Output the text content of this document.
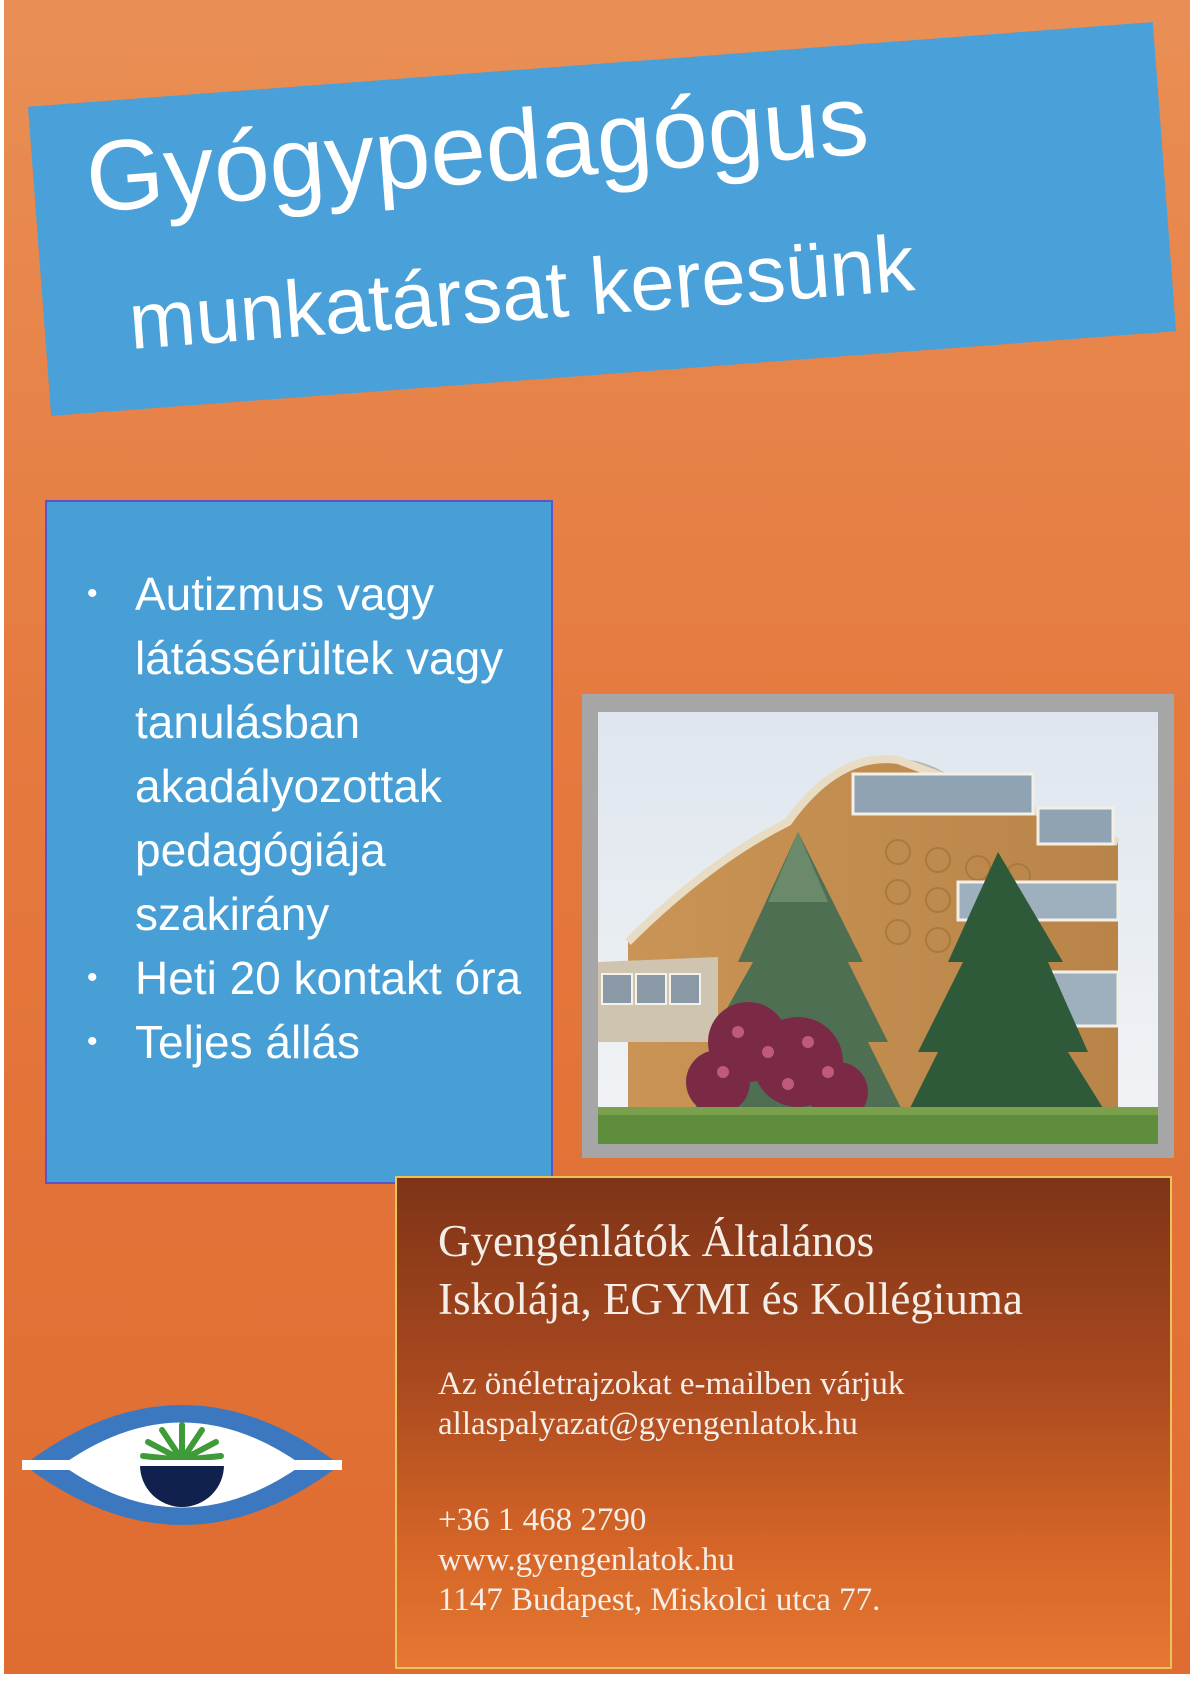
Gyógypedagógus
munkatársat keresünk
• Autizmus vagy látássérültek vagy tanulásban akadályozottak pedagógiája szakirány
• Heti 20 kontakt óra
• Teljes állás
Gyengénlátók Általános
Iskolája, EGYMI és Kollégiuma
Az önéletrajzokat e-mailben várjuk
allaspalyazat@gyengenlatok.hu
+36 1 468 2790
www.gyengenlatok.hu
1147 Budapest, Miskolci utca 77.
